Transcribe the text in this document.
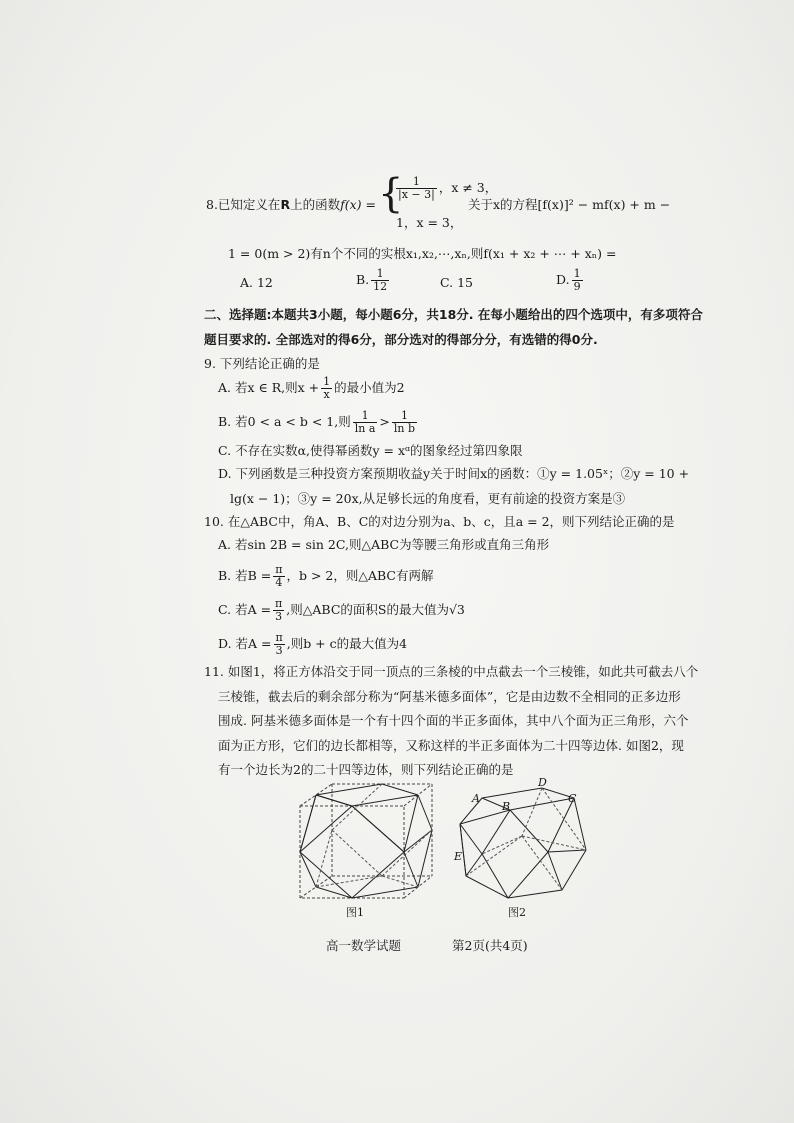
8.已知定义在R上的函数f(x) = {
$\frac{1}{|x - 3|}$ ，x ≠ 3，
1，x = 3，
关于x的方程[f(x)]² − mf(x) + m −
1 = 0(m > 2)有n个不同的实根x₁,x₂,⋯,xₙ,则f(x₁ + x₂ + ⋯ + xₙ) =
A. 12	B. $\frac{1}{12}$	C. 15	D. $\frac{1}{9}$
二、选择题:本题共3小题，每小题6分，共18分. 在每小题给出的四个选项中，有多项符合
题目要求的. 全部选对的得6分，部分选对的得部分分，有选错的得0分.
9. 下列结论正确的是
A. 若x ∈ R,则$x + \frac{1}{x}$ 的最小值为2
B. 若0 < a < b < 1,则 $\frac{1}{\text{ln a}} > \frac{1}{\text{ln b}}$
C. 不存在实数α,使得幂函数y = xᵅ的图象经过第四象限
D. 下列函数是三种投资方案预期收益y关于时间x的函数：①y = 1.05ˣ；②y = 10 +
lg(x − 1)；③y = 20x,从足够长远的角度看，更有前途的投资方案是③
10. 在△ABC中，角A、B、C的对边分别为a、b、c，且a = 2，则下列结论正确的是
A. 若sin 2B = sin 2C,则△ABC为等腰三角形或直角三角形
B. 若$B = \frac{\pi}{4}$ ，b > 2，则△ABC有两解
C. 若$A = \frac{\pi}{3}$ ,则△ABC的面积S的最大值为√3
D. 若$A = \frac{\pi}{3}$ ,则b + c的最大值为4
11. 如图1，将正方体沿交于同一顶点的三条棱的中点截去一个三棱锥，如此共可截去八个
三棱锥，截去后的剩余部分称为“阿基米德多面体”，它是由边数不全相同的正多边形
围成. 阿基米德多面体是一个有十四个面的半正多面体，其中八个面为正三角形，六个
面为正方形，它们的边长都相等，又称这样的半正多面体为二十四等边体. 如图2，现
有一个边长为2的二十四等边体，则下列结论正确的是
图1
A
B
C
D
E
图2
高一数学试题	第2页(共4页)
